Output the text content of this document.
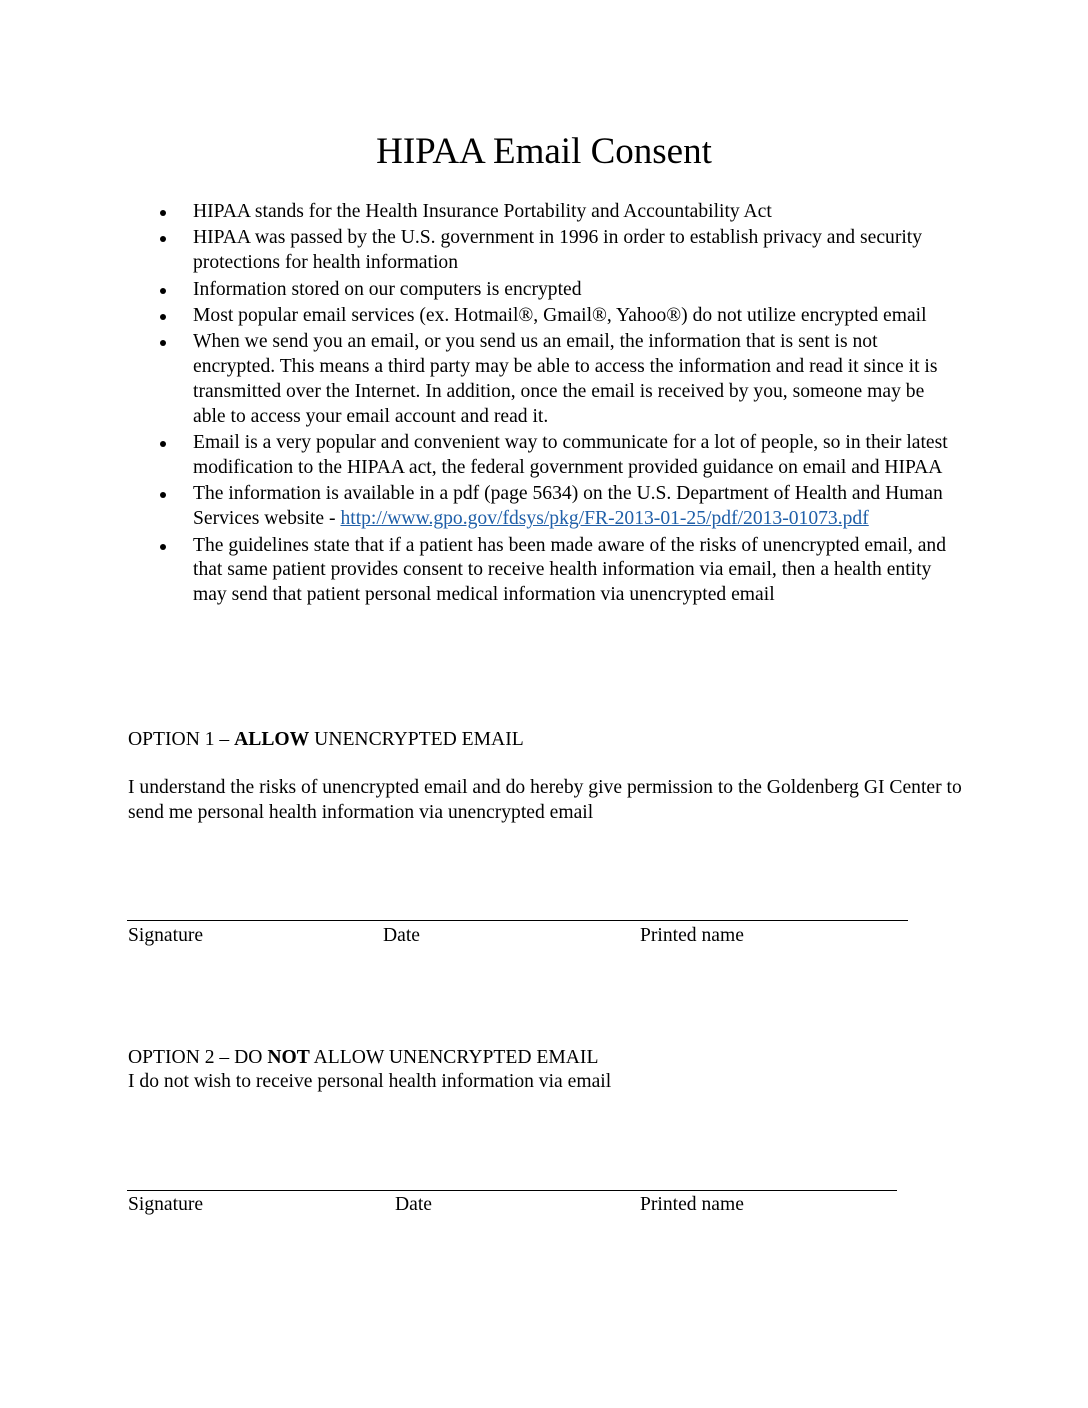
HIPAA Email Consent
HIPAA stands for the Health Insurance Portability and Accountability Act
HIPAA was passed by the U.S. government in 1996 in order to establish privacy and security protections for health information
Information stored on our computers is encrypted
Most popular email services (ex. Hotmail®, Gmail®, Yahoo®) do not utilize encrypted email
When we send you an email, or you send us an email, the information that is sent is not encrypted. This means a third party may be able to access the information and read it since it is transmitted over the Internet. In addition, once the email is received by you, someone may be able to access your email account and read it.
Email is a very popular and convenient way to communicate for a lot of people, so in their latest modification to the HIPAA act, the federal government provided guidance on email and HIPAA
The information is available in a pdf (page 5634) on the U.S. Department of Health and Human Services website - http://www.gpo.gov/fdsys/pkg/FR-2013-01-25/pdf/2013-01073.pdf
The guidelines state that if a patient has been made aware of the risks of unencrypted email, and that same patient provides consent to receive health information via email, then a health entity may send that patient personal medical information via unencrypted email

OPTION 1 – ALLOW UNENCRYPTED EMAIL

I understand the risks of unencrypted email and do hereby give permission to the Goldenberg GI Center to send me personal health information via unencrypted email

Signature	Date	Printed name

OPTION 2 – DO NOT ALLOW UNENCRYPTED EMAIL

I do not wish to receive personal health information via email

Signature	Date	Printed name
